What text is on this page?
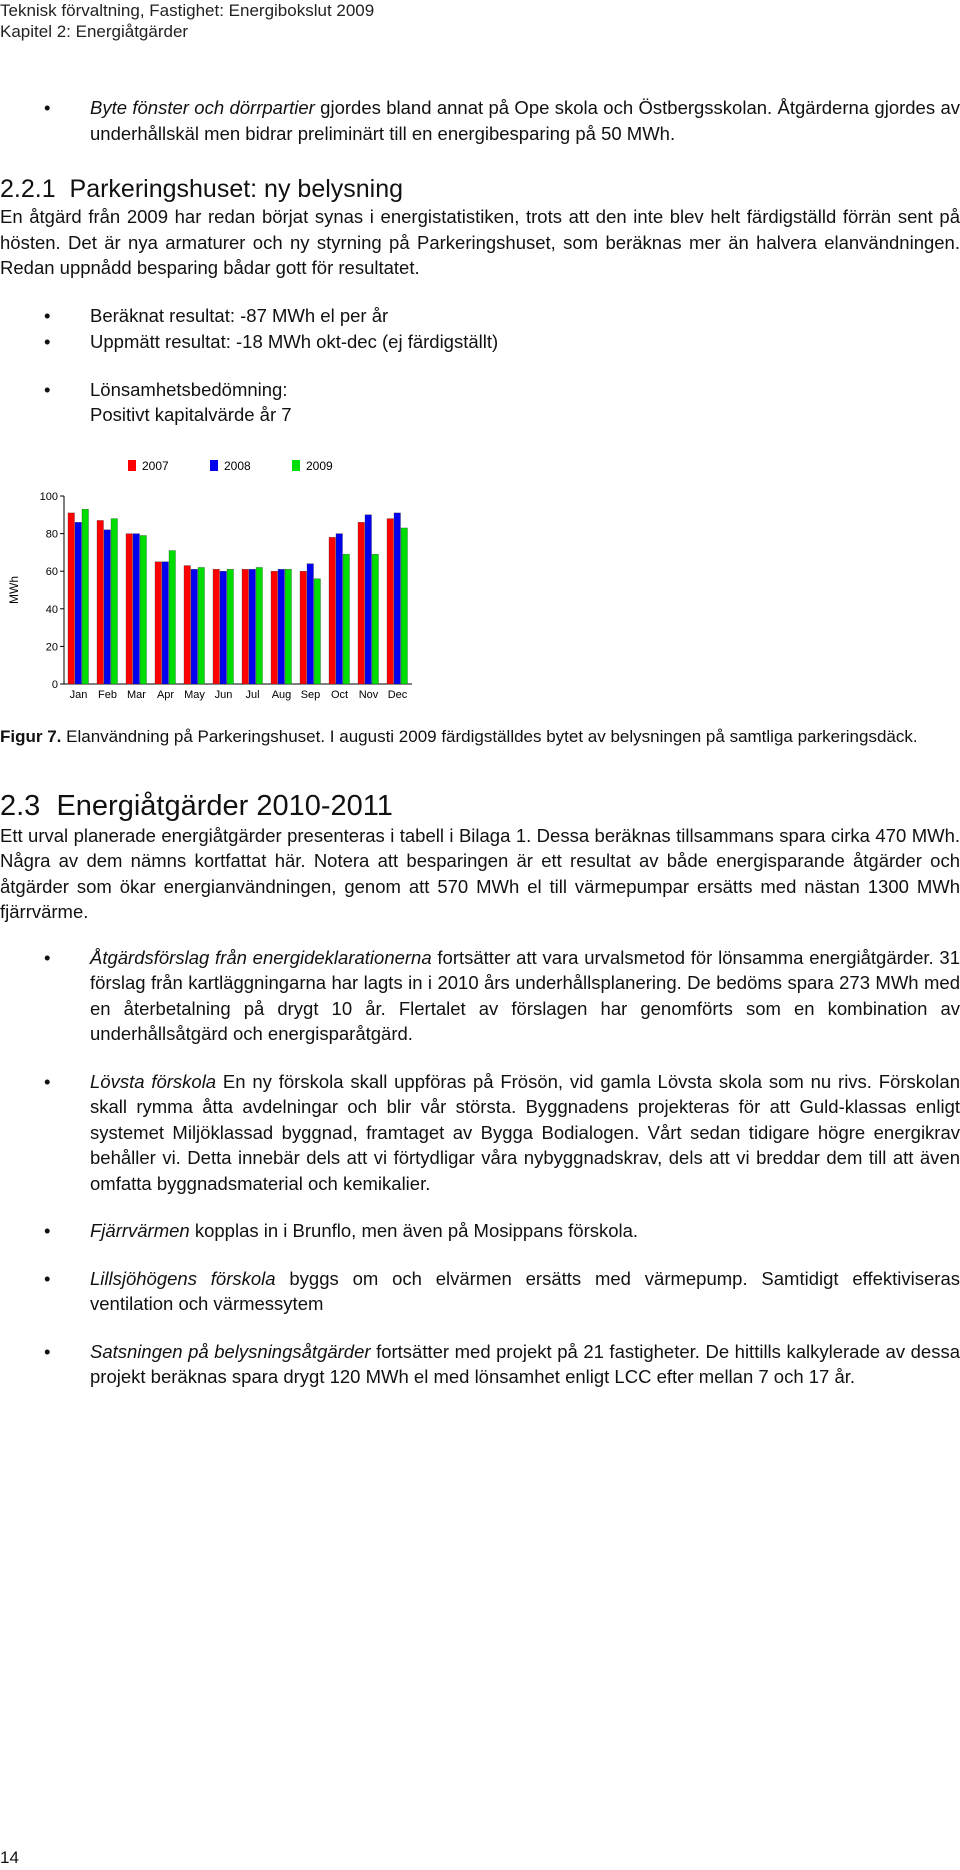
Teknisk förvaltning, Fastighet: Energibokslut 2009
Kapitel 2: Energiåtgärder
• Byte fönster och dörrpartier gjordes bland annat på Ope skola och Östbergsskolan. Åtgärderna gjordes av underhållskäl men bidrar preliminärt till en energibesparing på 50 MWh.
2.2.1 Parkeringshuset: ny belysning

En åtgärd från 2009 har redan börjat synas i energistatistiken, trots att den inte blev helt färdigställd förrän sent på hösten. Det är nya armaturer och ny styrning på Parkeringshuset, som beräknas mer än halvera elanvändningen. Redan uppnådd besparing bådar gott för resultatet.

• Beräknat resultat: -87 MWh el per år
• Uppmätt resultat: -18 MWh okt-dec (ej färdigställt)
• Lönsamhetsbedömning:
Positivt kapitalvärde år 7
0
20
40
60
80
100
MWh
Jan Feb Mar Apr May Jun Jul Aug Sep Oct Nov Dec
2007	2008	2009
Figur 7. Elanvändning på Parkeringshuset. I augusti 2009 färdigställdes bytet av belysningen på samtliga parkeringsdäck.
2.3 Energiåtgärder 2010-2011

Ett urval planerade energiåtgärder presenteras i tabell i Bilaga 1. Dessa beräknas tillsammans spara cirka 470 MWh. Några av dem nämns kortfattat här. Notera att besparingen är ett resultat av både energisparande åtgärder och åtgärder som ökar energianvändningen, genom att 570 MWh el till värmepumpar ersätts med nästan 1300 MWh fjärrvärme.

• Åtgärdsförslag från energideklarationerna fortsätter att vara urvalsmetod för lönsamma energiåtgärder. 31 förslag från kartläggningarna har lagts in i 2010 års underhållsplanering. De bedöms spara 273 MWh med en återbetalning på drygt 10 år. Flertalet av förslagen har genomförts som en kombination av underhållsåtgärd och energisparåtgärd.
• Lövsta förskola En ny förskola skall uppföras på Frösön, vid gamla Lövsta skola som nu rivs. Förskolan skall rymma åtta avdelningar och blir vår största. Byggnadens projekteras för att Guld-klassas enligt systemet Miljöklassad byggnad, framtaget av Bygga Bodialogen. Vårt sedan tidigare högre energikrav behåller vi. Detta innebär dels att vi förtydligar våra nybyggnadskrav, dels att vi breddar dem till att även omfatta byggnadsmaterial och kemikalier.
• Fjärrvärmen kopplas in i Brunflo, men även på Mosippans förskola.
• Lillsjöhögens förskola byggs om och elvärmen ersätts med värmepump. Samtidigt effektiviseras ventilation och värmessytem
• Satsningen på belysningsåtgärder fortsätter med projekt på 21 fastigheter. De hittills kalkylerade av dessa projekt beräknas spara drygt 120 MWh el med lönsamhet enligt LCC efter mellan 7 och 17 år.
14
